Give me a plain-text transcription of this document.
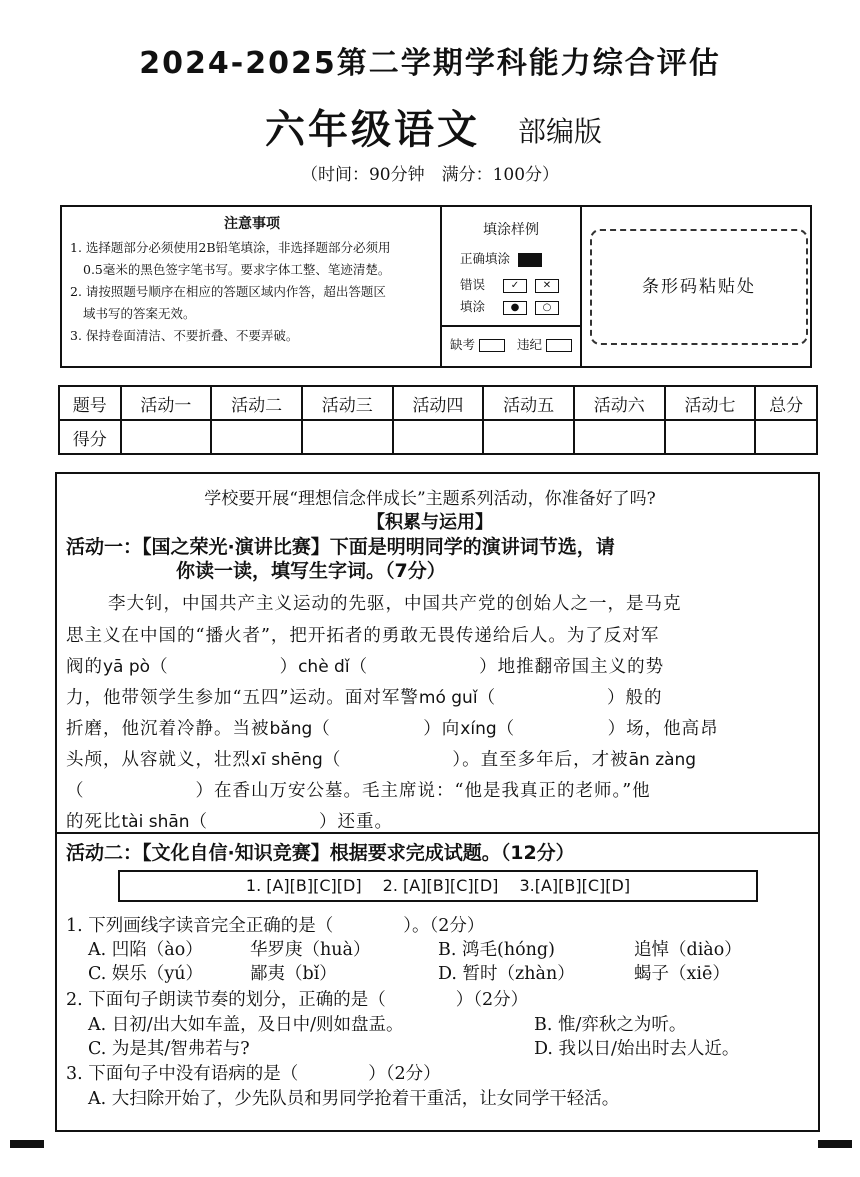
2024-2025第二学期学科能力综合评估
六年级语文 部编版
（时间：90分钟　满分：100分）
注意事项

1. 选择题部分必须使用2B铅笔填涂，非选择题部分必须用

0.5毫米的黑色签字笔书写。要求字体工整、笔迹清楚。

2. 请按照题号顺序在相应的答题区域内作答，超出答题区

域书写的答案无效。

3. 保持卷面清洁、不要折叠、不要弄破。

填涂样例
正确填涂
错误	✓ ✕
填涂	● ○
缺考	违纪
条形码粘贴处
题号	活动一	活动二	活动三	活动四	活动五	活动六	活动七	总分
得分								
学校要开展“理想信念伴成长”主题系列活动，你准备好了吗?
【积累与运用】
活动一：【国之荣光·演讲比赛】下面是明明同学的演讲词节选，请
你读一读，填写生字词。（7分）
李大钊，中国共产主义运动的先驱，中国共产党的创始人之一，是马克
思主义在中国的“播火者”，把开拓者的勇敢无畏传递给后人。为了反对军
阀的yā pò（　　　　　　）chè dǐ（　　　　　　）地推翻帝国主义的势
力，他带领学生参加“五四”运动。面对军警mó guǐ（　　　　　　）般的
折磨，他沉着冷静。当被bǎng（　　　　　）向xíng（　　　　　）场，他高昂
头颅，从容就义，壮烈xī shēng（　　　　　　）。直至多年后，才被ān zàng
（　　　　　　）在香山万安公墓。毛主席说：“他是我真正的老师。”他
的死比tài shān（　　　　　　）还重。
活动二：【文化自信·知识竞赛】根据要求完成试题。（12分）
1. [A][B][C][D]　 2. [A][B][C][D]　 3.[A][B][C][D]
1. 下列画线字读音完全正确的是（　　　　）。（2分）
A. 凹陷（ào）	华罗庚（huà）	B. 鸿毛(hóng)	追悼（diào）
C. 娱乐（yú）	鄙夷（bǐ）	D. 暂时（zhàn）	蝎子（xiē）
2. 下面句子朗读节奏的划分，正确的是（　　　　）（2分）
A. 日初/出大如车盖，及日中/则如盘盂。	B. 惟/弈秋之为听。
C. 为是其/智弗若与?	D. 我以日/始出时去人近。
3. 下面句子中没有语病的是（　　　　）（2分）
A. 大扫除开始了，少先队员和男同学抢着干重活，让女同学干轻活。
